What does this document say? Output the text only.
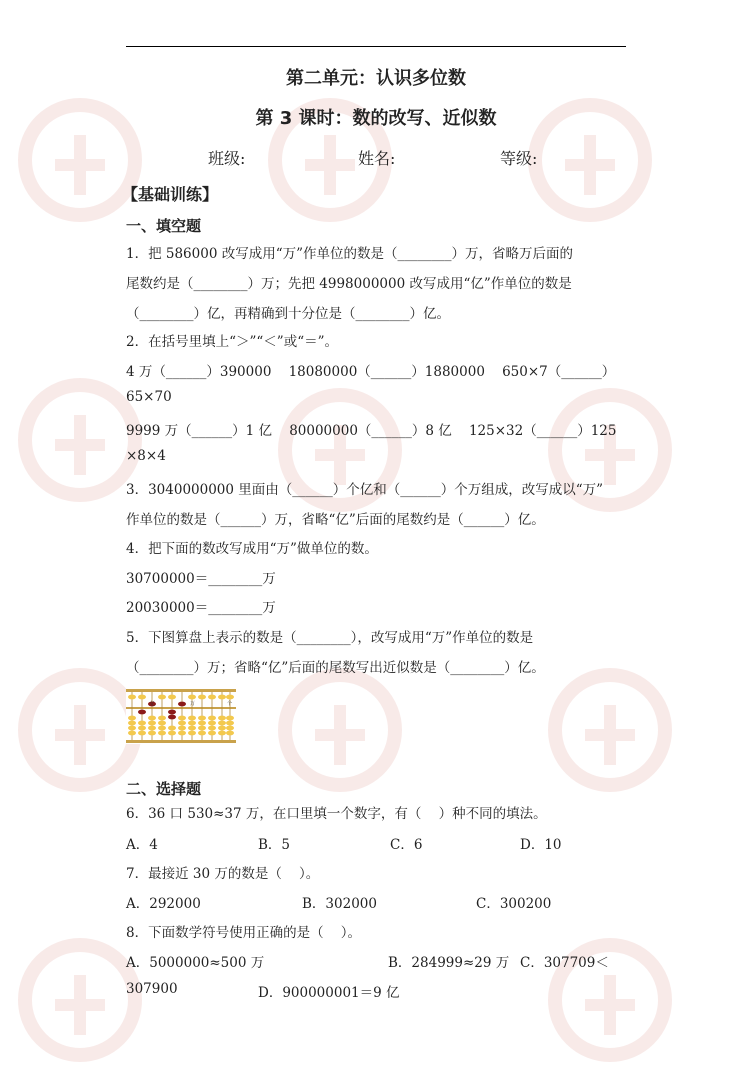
第二单元：认识多位数
第 3 课时：数的改写、近似数
班级:	姓名:	等级:
【基础训练】
一、填空题
1．把 586000 改写成用“万”作单位的数是（________）万，省略万后面的
尾数约是（________）万；先把 4998000000 改写成用“亿”作单位的数是
（________）亿，再精确到十分位是（________）亿。
2．在括号里填上“＞”“＜”或“＝”。
4 万（______）390000    18080000（______）1880000    650×7（______）
65×70
9999 万（______）1 亿    80000000（______）8 亿    125×32（______）125
×8×4
3．3040000000 里面由（______）个亿和（______）个万组成，改写成以“万”
作单位的数是（______）万，省略“亿”后面的尾数约是（______）亿。
4．把下面的数改写成用“万”做单位的数。
30700000＝________万
20030000＝________万
5．下图算盘上表示的数是（________），改写成用“万”作单位的数是
（________）万；省略“亿”后面的尾数写出近似数是（________）亿。
亿	万	个
二、选择题
6．36 口 530≈37 万，在口里填一个数字，有（    ）种不同的填法。
A．4	B．5	C．6	D．10
7．最接近 30 万的数是（    ）。
A．292000	B．302000	C．300200
8．下面数学符号使用正确的是（    ）。
A．5000000≈500 万	B．284999≈29 万 C．307709＜
307900	D．900000001＝9 亿
